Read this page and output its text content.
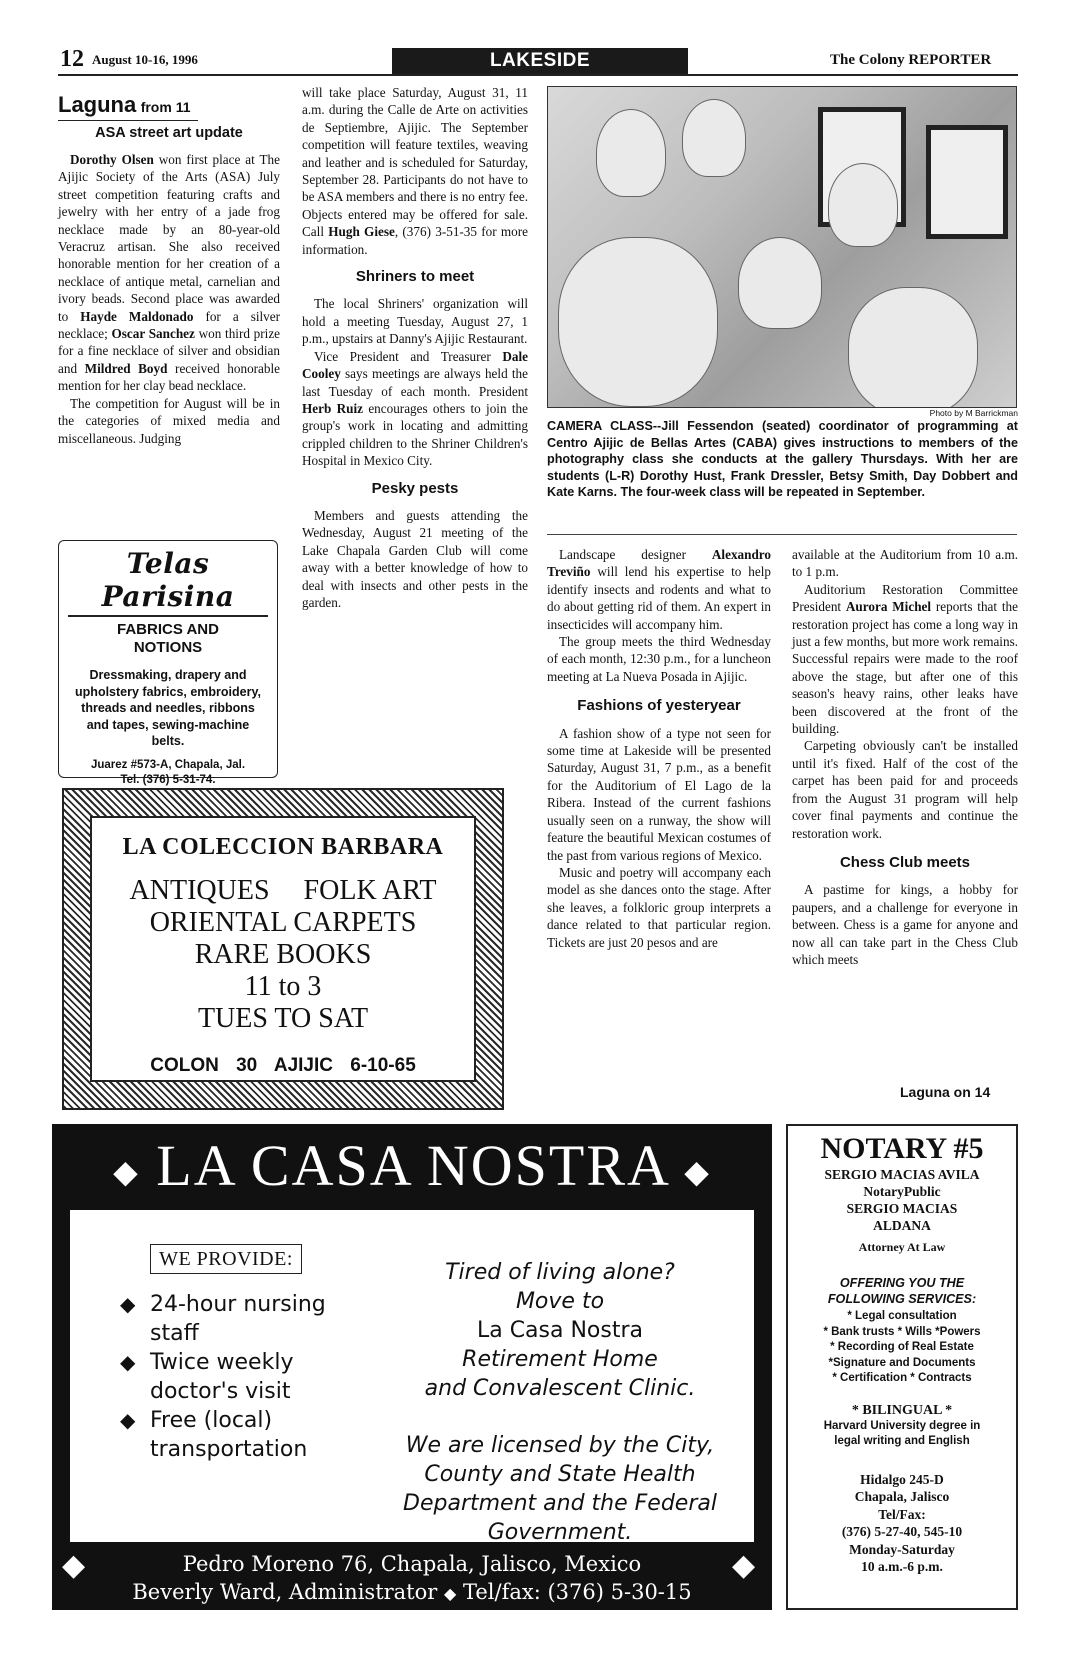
12 August 10-16, 1996	LAKESIDE	The Colony REPORTER
Laguna from 11
ASA street art update

Dorothy Olsen won first place at The Ajijic Society of the Arts (ASA) July street competition featuring crafts and jewelry with her entry of a jade frog necklace made by an 80-year-old Veracruz artisan. She also received honorable mention for her creation of a necklace of antique metal, carnelian and ivory beads. Second place was awarded to Hayde Maldonado for a silver necklace; Oscar Sanchez won third prize for a fine necklace of silver and obsidian and Mildred Boyd received honorable mention for her clay bead necklace.

The competition for August will be in the categories of mixed media and miscellaneous. Judging

will take place Saturday, August 31, 11 a.m. during the Calle de Arte on activities de Septiembre, Ajijic. The September competition will feature textiles, weaving and leather and is scheduled for Saturday, September 28. Participants do not have to be ASA members and there is no entry fee. Objects entered may be offered for sale. Call Hugh Giese, (376) 3-51-35 for more information.
Shriners to meet

The local Shriners' organization will hold a meeting Tuesday, August 27, 1 p.m., upstairs at Danny's Ajijic Restaurant.

Vice President and Treasurer Dale Cooley says meetings are always held the last Tuesday of each month. President Herb Ruiz encourages others to join the group's work in locating and admitting crippled children to the Shriner Children's Hospital in Mexico City.

Pesky pests

Members and guests attending the Wednesday, August 21 meeting of the Lake Chapala Garden Club will come away with a better knowledge of how to deal with insects and other pests in the garden.

Photo by M Barrickman
CAMERA CLASS--Jill Fessendon (seated) coordinator of programming at Centro Ajijic de Bellas Artes (CABA) gives instructions to members of the photography class she conducts at the gallery Thursdays. With her are students (L-R) Dorothy Hust, Frank Dressler, Betsy Smith, Day Dobbert and Kate Karns. The four-week class will be repeated in September.

Landscape designer Alexandro Treviño will lend his expertise to help identify insects and rodents and what to do about getting rid of them. An expert in insecticides will accompany him.

The group meets the third Wednesday of each month, 12:30 p.m., for a luncheon meeting at La Nueva Posada in Ajijic.

Fashions of yesteryear

A fashion show of a type not seen for some time at Lakeside will be presented Saturday, August 31, 7 p.m., as a benefit for the Auditorium of El Lago de la Ribera. Instead of the current fashions usually seen on a runway, the show will feature the beautiful Mexican costumes of the past from various regions of Mexico.

Music and poetry will accompany each model as she dances onto the stage. After she leaves, a folkloric group interprets a dance related to that particular region. Tickets are just 20 pesos and are

available at the Auditorium from 10 a.m. to 1 p.m.

Auditorium Restoration Committee President Aurora Michel reports that the restoration project has come a long way in just a few months, but more work remains. Successful repairs were made to the roof above the stage, but after one of this season's heavy rains, other leaks have been discovered at the front of the building.

Carpeting obviously can't be installed until it's fixed. Half of the cost of the carpet has been paid for and proceeds from the August 31 program will help cover final payments and continue the restoration work.

Chess Club meets

A pastime for kings, a hobby for paupers, and a challenge for everyone in between. Chess is a game for anyone and now all can take part in the Chess Club which meets

Laguna on 14
Telas Parisina
FABRICS AND
NOTIONS
Dressmaking, drapery and upholstery fabrics, embroidery, threads and needles, ribbons and tapes, sewing-machine belts.
Juarez #573-A, Chapala, Jal.
Tel. (376) 5-31-74.
LA COLECCION BARBARA
ANTIQUES FOLK ART
ORIENTAL CARPETS
RARE BOOKS
11 to 3
TUES TO SAT
COLON 30 AJIJIC 6-10-65
◆ LA CASA NOSTRA ◆
WE PROVIDE:
◆ 24-hour nursing staff
◆ Twice weekly doctor's visit
◆ Free (local) transportation
Tired of living alone?
Move to
La Casa Nostra
Retirement Home
and Convalescent Clinic.
We are licensed by the City, County and State Health Department and the Federal Government.
◆	◆
Pedro Moreno 76, Chapala, Jalisco, Mexico
Beverly Ward, Administrator ◆ Tel/fax: (376) 5-30-15
NOTARY #5
SERGIO MACIAS AVILA
NotaryPublic
SERGIO MACIAS
ALDANA
Attorney At Law
OFFERING YOU THE
FOLLOWING SERVICES:
* Legal consultation
* Bank trusts * Wills *Powers
* Recording of Real Estate
*Signature and Documents
* Certification * Contracts
* BILINGUAL *
Harvard University degree in
legal writing and English
Hidalgo 245-D
Chapala, Jalisco
Tel/Fax:
(376) 5-27-40, 545-10
Monday-Saturday
10 a.m.-6 p.m.
